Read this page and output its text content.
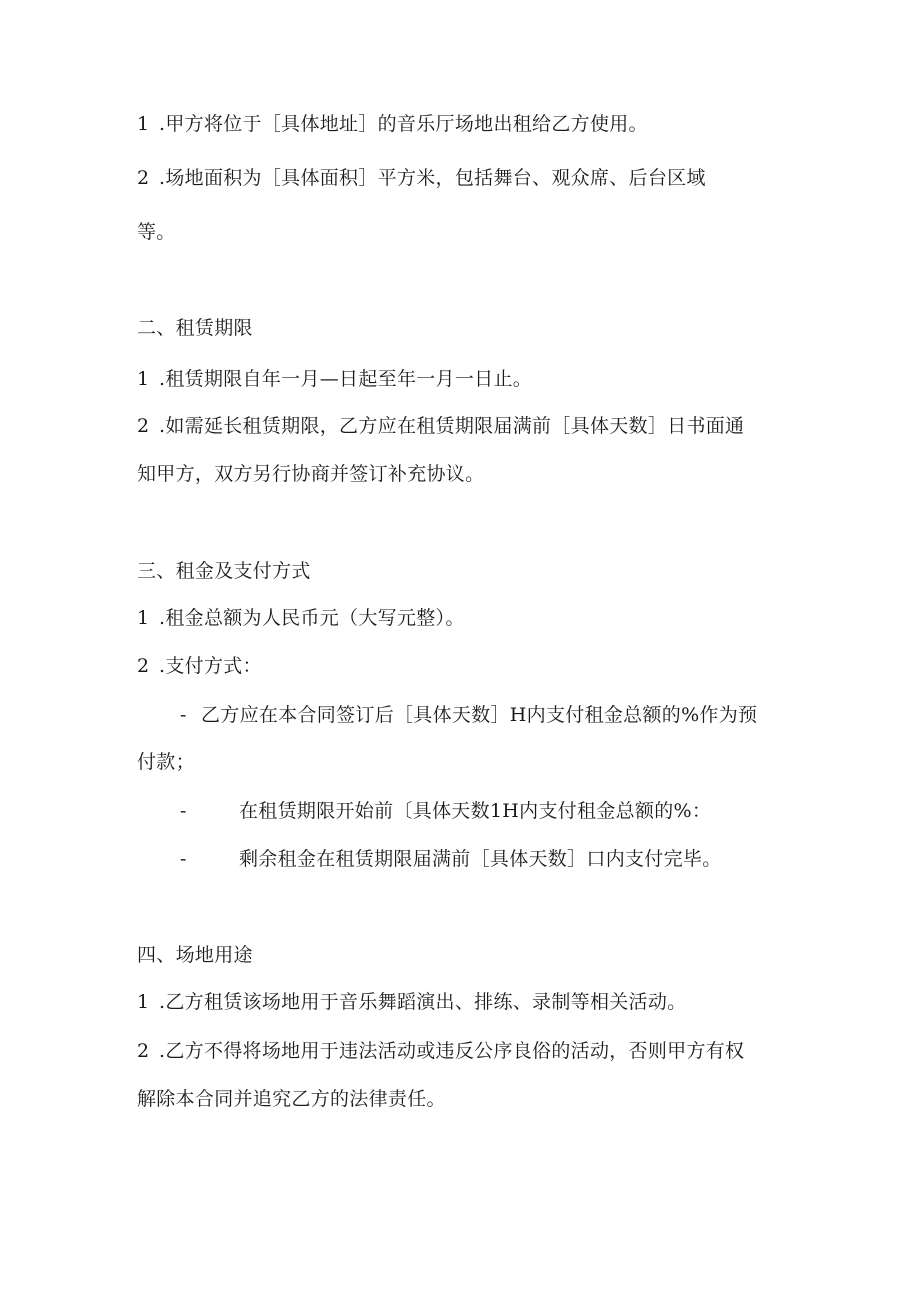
1 .甲方将位于［具体地址］的音乐厅场地出租给乙方使用。
2 .场地面积为［具体面积］平方米，包括舞台、观众席、后台区域
等。
二、租赁期限
1 .租赁期限自年一月—日起至年一月一日止。
2 .如需延长租赁期限，乙方应在租赁期限届满前［具体天数］日书面通
知甲方，双方另行协商并签订补充协议。
三、租金及支付方式
1 .租金总额为人民币元（大写元整）。
2 .支付方式：
- 乙方应在本合同签订后［具体天数］H内支付租金总额的%作为预
付款；
-	在租赁期限开始前〔具体天数1H内支付租金总额的%：
-	剩余租金在租赁期限届满前［具体天数］口内支付完毕。
四、场地用途
1 .乙方租赁该场地用于音乐舞蹈演出、排练、录制等相关活动。
2 .乙方不得将场地用于违法活动或违反公序良俗的活动，否则甲方有权
解除本合同并追究乙方的法律责任。
